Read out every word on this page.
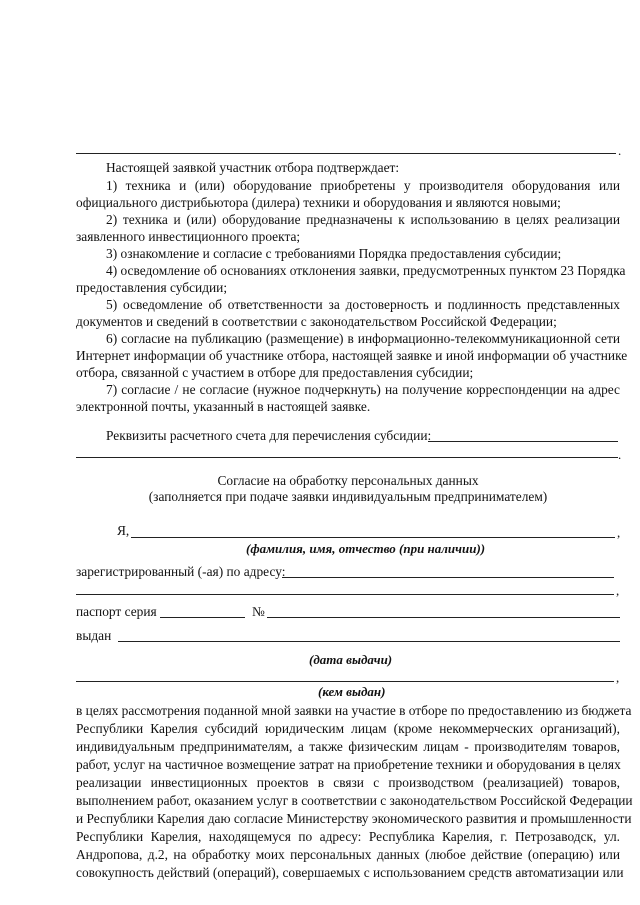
.
Настоящей заявкой участник отбора подтверждает:
1) техника и (или) оборудование приобретены у производителя оборудования или
официального дистрибьютора (дилера) техники и оборудования и являются новыми;
2) техника и (или) оборудование предназначены к использованию в целях реализации
заявленного инвестиционного проекта;
3) ознакомление и согласие с требованиями Порядка предоставления субсидии;
4) осведомление об основаниях отклонения заявки, предусмотренных пунктом 23 Порядка
предоставления субсидии;
5) осведомление об ответственности за достоверность и подлинность представленных
документов и сведений в соответствии с законодательством Российской Федерации;
6) согласие на публикацию (размещение) в информационно-телекоммуникационной сети
Интернет информации об участнике отбора, настоящей заявке и иной информации об участнике
отбора, связанной с участием в отборе для предоставления субсидии;
7) согласие / не согласие (нужное подчеркнуть) на получение корреспонденции на адрес
электронной почты, указанный в настоящей заявке.
Реквизиты расчетного счета для перечисления субсидии:
.
Согласие на обработку персональных данных
(заполняется при подаче заявки индивидуальным предпринимателем)
Я,	,
(фамилия, имя, отчество (при наличии))
зарегистрированный (-ая) по адресу:
,
паспорт серия	№
выдан
(дата выдачи)
,
(кем выдан)
в целях рассмотрения поданной мной заявки на участие в отборе по предоставлению из бюджета
Республики Карелия субсидий юридическим лицам (кроме некоммерческих организаций),
индивидуальным предпринимателям, а также физическим лицам - производителям товаров,
работ, услуг на частичное возмещение затрат на приобретение техники и оборудования в целях
реализации инвестиционных проектов в связи с производством (реализацией) товаров,
выполнением работ, оказанием услуг в соответствии с законодательством Российской Федерации
и Республики Карелия даю согласие Министерству экономического развития и промышленности
Республики Карелия, находящемуся по адресу: Республика Карелия, г. Петрозаводск, ул.
Андропова, д.2, на обработку моих персональных данных (любое действие (операцию) или
совокупность действий (операций), совершаемых с использованием средств автоматизации или
